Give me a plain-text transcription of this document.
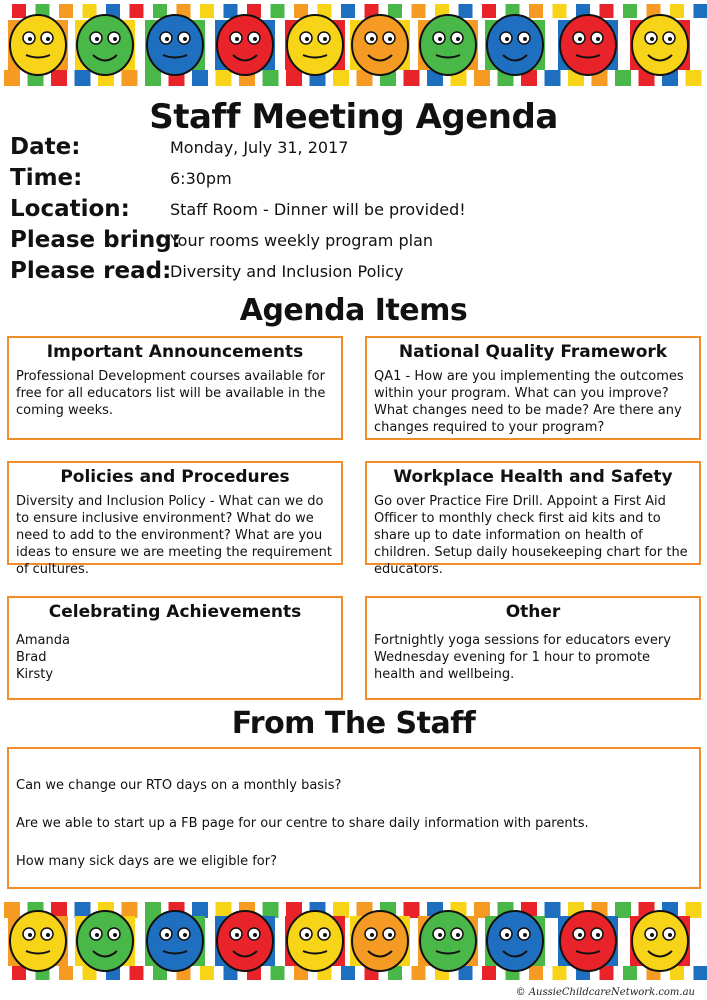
Staff Meeting Agenda
Date:	Monday, July 31, 2017
Time:	6:30pm
Location:	Staff Room - Dinner will be provided!
Please bring:
Your rooms weekly program plan
Please read:
Diversity and Inclusion Policy
Agenda Items
Important Announcements
Professional Development courses available for free for all educators list will be available in the coming weeks.
National Quality Framework
QA1 - How are you implementing the outcomes within your program. What can you improve? What changes need to be made? Are there any changes required to your program?
Policies and Procedures
Diversity and Inclusion Policy - What can we do to ensure inclusive environment? What do we need to add to the environment? What are you ideas to ensure we are meeting the requirement of cultures.
Workplace Health and Safety
Go over Practice Fire Drill. Appoint a First Aid Officer to monthly check first aid kits and to share up to date information on health of children. Setup daily housekeeping chart for the educators.
Celebrating Achievements
Amanda
Brad
Kirsty
Other
Fortnightly yoga sessions for educators every Wednesday evening for 1 hour to promote health and wellbeing.
From The Staff

Can we change our RTO days on a monthly basis?

Are we able to start up a FB page for our centre to share daily information with parents.

How many sick days are we eligible for?

© AussieChildcareNetwork.com.au
